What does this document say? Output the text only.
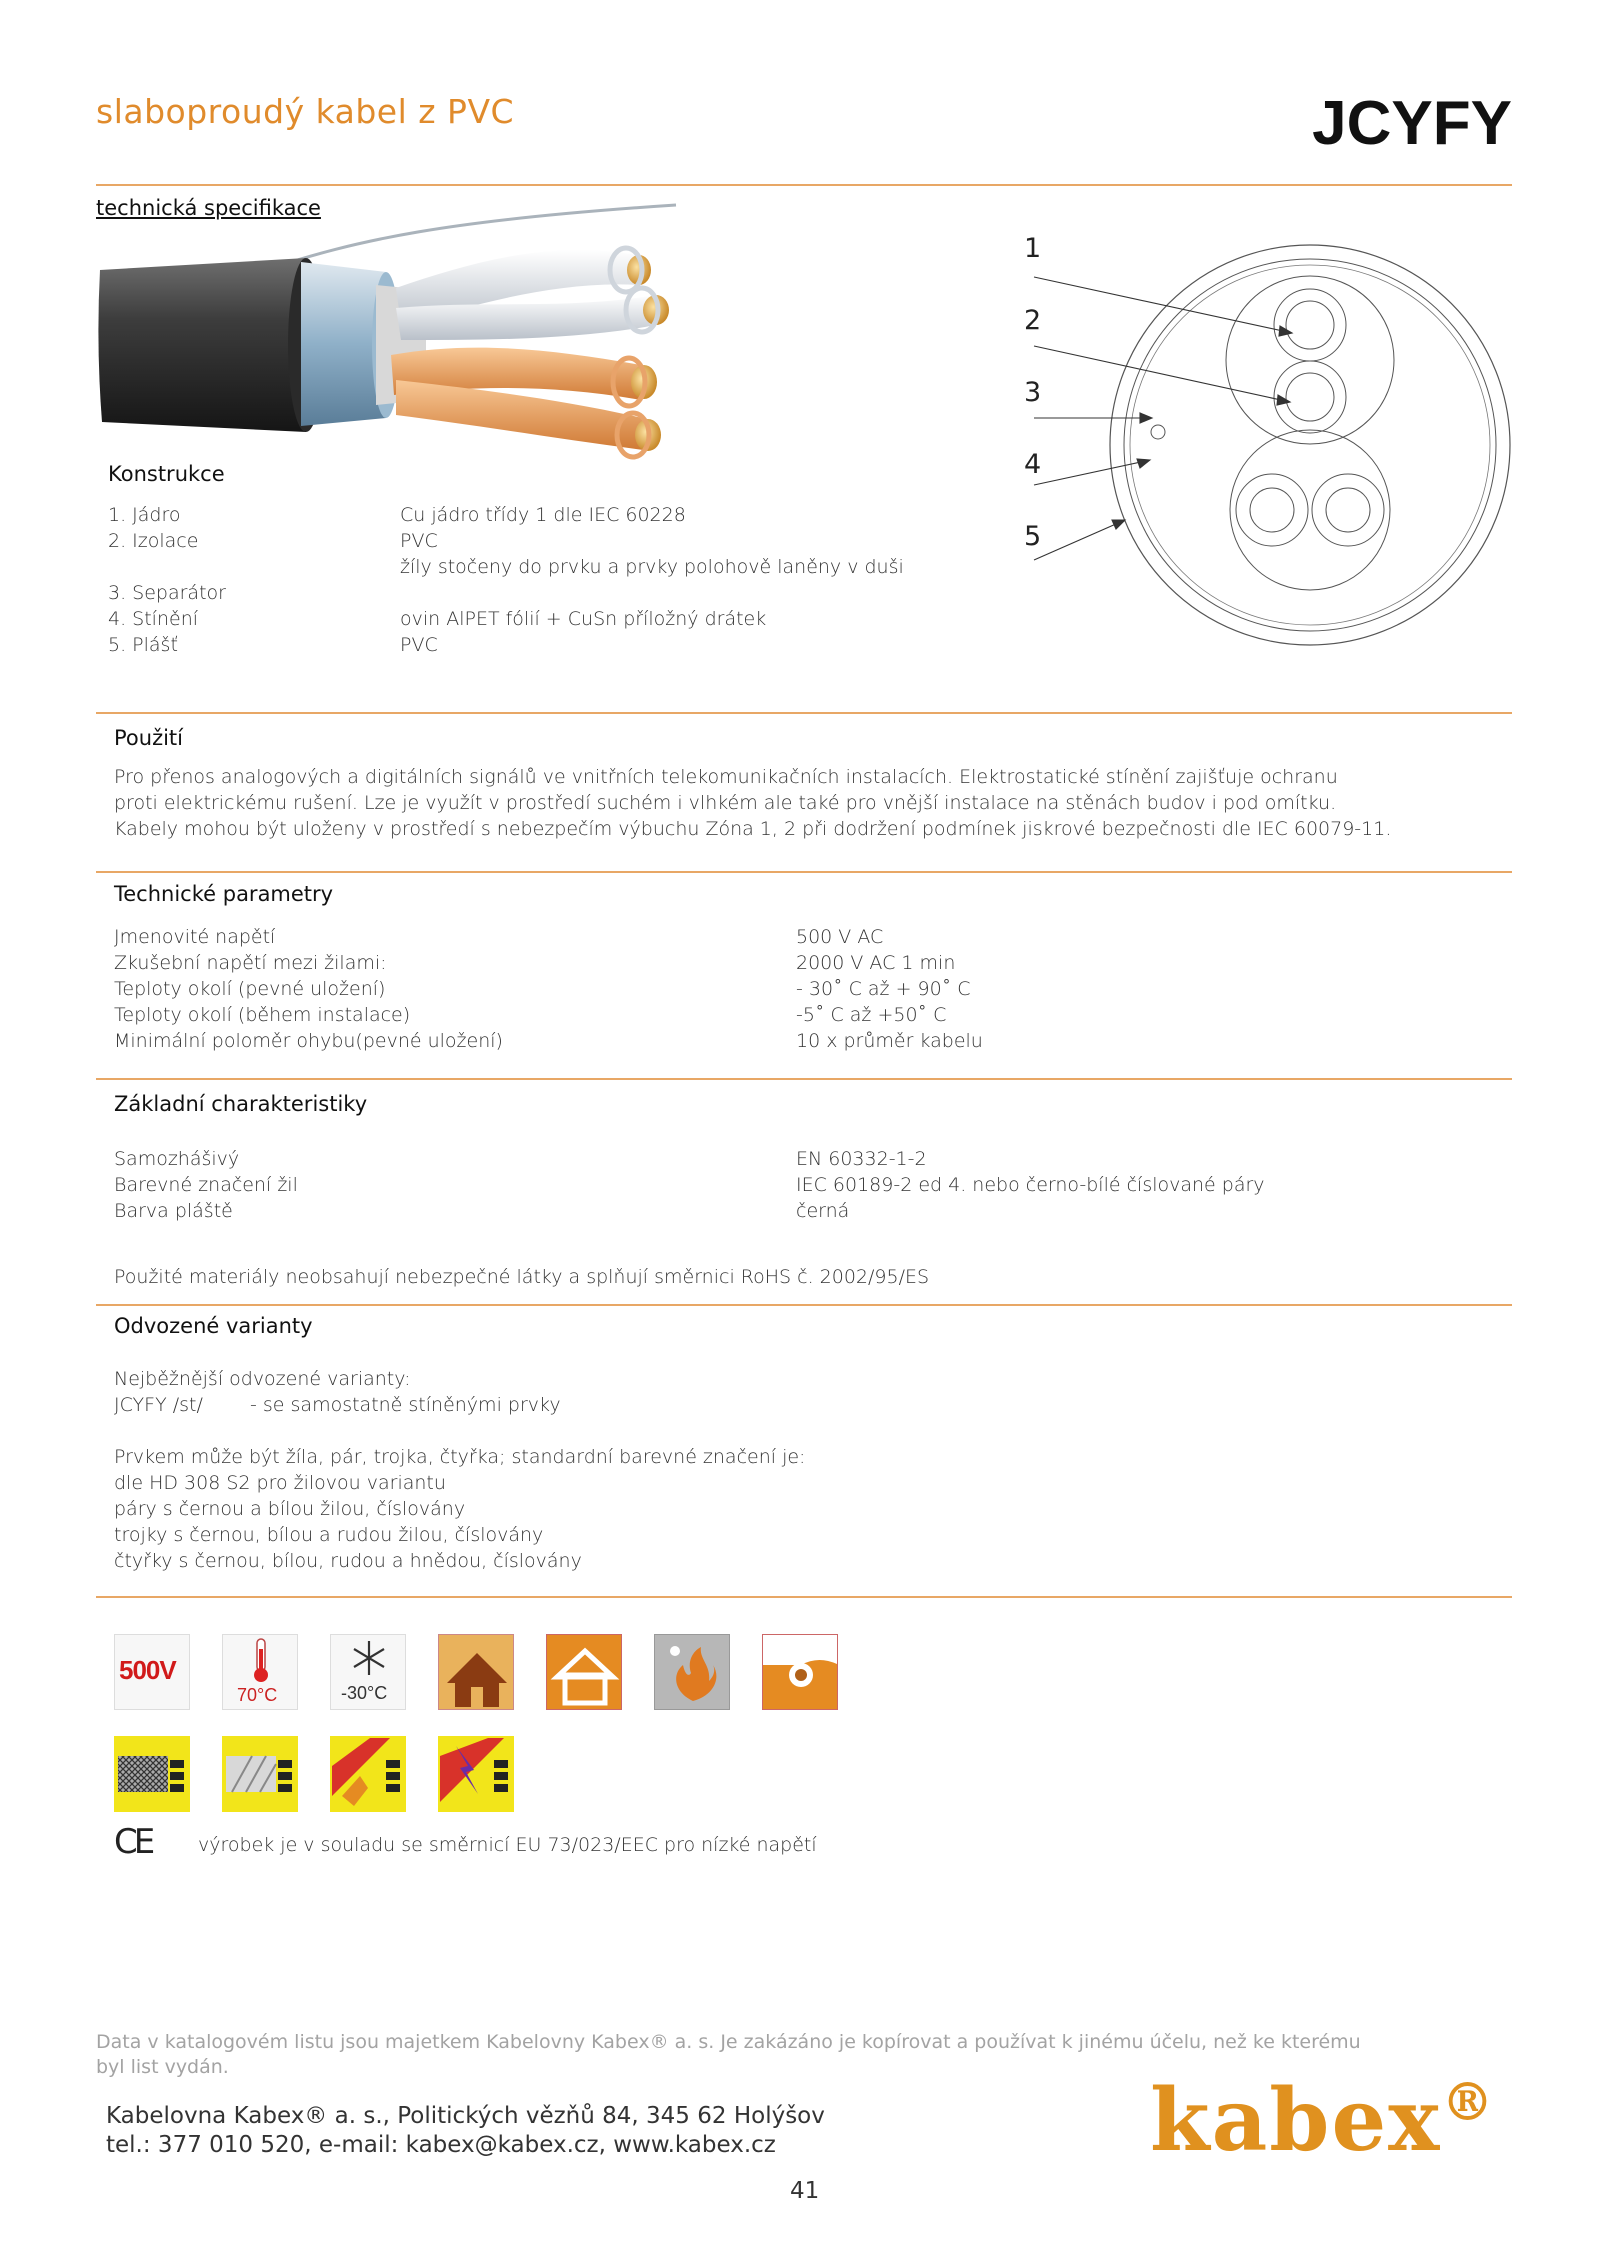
slaboproudý kabel z PVC	JCYFY
technická specifikace
1
2
3
4
5
Konstrukce
1. Jádro	Cu jádro třídy 1 dle IEC 60228
2. Izolace	PVC
žíly stočeny do prvku a prvky polohově laněny v duši
3. Separátor
4. Stínění	ovin AlPET fólií + CuSn příložný drátek
5. Plášť	PVC
Použití
Pro přenos analogových a digitálních signálů ve vnitřních telekomunikačních instalacích. Elektrostatické stínění zajišťuje ochranu
proti elektrickému rušení. Lze je využít v prostředí suchém i vlhkém ale také pro vnější instalace na stěnách budov i pod omítku.
Kabely mohou být uloženy v prostředí s nebezpečím výbuchu Zóna 1, 2 při dodržení podmínek jiskrové bezpečnosti dle IEC 60079-11.
Technické parametry
Jmenovité napětí	500 V AC
Zkušební napětí mezi žilami:	2000 V AC 1 min
Teploty okolí (pevné uložení)	- 30˚ C až + 90˚ C
Teploty okolí (během instalace)	-5˚ C až +50˚ C
Minimální poloměr ohybu(pevné uložení)	10 x průměr kabelu
Základní charakteristiky
Samozhášivý	EN 60332-1-2
Barevné značení žil	IEC 60189-2 ed 4. nebo černo-bílé číslované páry
Barva pláště	černá
Použité materiály neobsahují nebezpečné látky a splňují směrnici RoHS č. 2002/95/ES
Odvozené varianty
Nejběžnější odvozené varianty:
JCYFY /st/ - se samostatně stíněnými prvky
Prvkem může být žíla, pár, trojka, čtyřka; standardní barevné značení je:
dle HD 308 S2 pro žilovou variantu
páry s černou a bílou žilou, číslovány
trojky s černou, bílou a rudou žilou, číslovány
čtyřky s černou, bílou, rudou a hnědou, číslovány
500V
70°C	-30°C
CE výrobek je v souladu se směrnicí EU 73/023/EEC pro nízké napětí
Data v katalogovém listu jsou majetkem Kabelovny Kabex® a. s. Je zakázáno je kopírovat a používat k jinému účelu, než ke kterému
byl list vydán.
Kabelovna Kabex® a. s., Politických vězňů 84, 345 62 Holýšov
tel.: 377 010 520, e-mail: kabex@kabex.cz, www.kabex.cz	kabex®
41
